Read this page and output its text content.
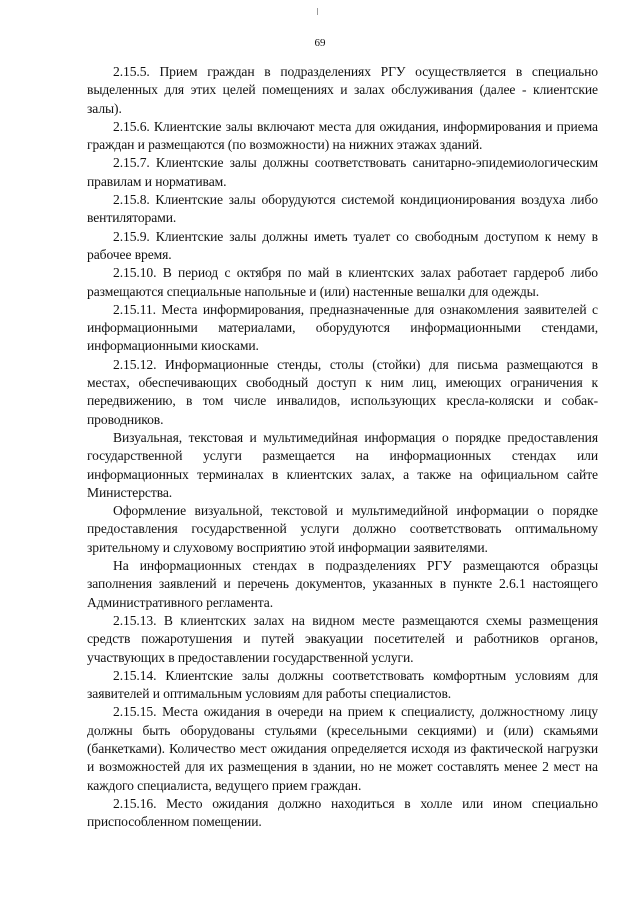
69

2.15.5. Прием граждан в подразделениях РГУ осуществляется в специально выделенных для этих целей помещениях и залах обслуживания (далее - клиентские залы).

2.15.6. Клиентские залы включают места для ожидания, информирования и приема граждан и размещаются (по возможности) на нижних этажах зданий.

2.15.7. Клиентские залы должны соответствовать санитарно-эпидемиологическим правилам и нормативам.

2.15.8. Клиентские залы оборудуются системой кондиционирования воздуха либо вентиляторами.

2.15.9. Клиентские залы должны иметь туалет со свободным доступом к нему в рабочее время.

2.15.10. В период с октября по май в клиентских залах работает гардероб либо размещаются специальные напольные и (или) настенные вешалки для одежды.

2.15.11. Места информирования, предназначенные для ознакомления заявителей с информационными материалами, оборудуются информационными стендами, информационными киосками.

2.15.12. Информационные стенды, столы (стойки) для письма размещаются в местах, обеспечивающих свободный доступ к ним лиц, имеющих ограничения к передвижению, в том числе инвалидов, использующих кресла-коляски и собак-проводников.

Визуальная, текстовая и мультимедийная информация о порядке предоставления государственной услуги размещается на информационных стендах или информационных терминалах в клиентских залах, а также на официальном сайте Министерства.

Оформление визуальной, текстовой и мультимедийной информации о порядке предоставления государственной услуги должно соответствовать оптимальному зрительному и слуховому восприятию этой информации заявителями.

На информационных стендах в подразделениях РГУ размещаются образцы заполнения заявлений и перечень документов, указанных в пункте 2.6.1 настоящего Административного регламента.

2.15.13. В клиентских залах на видном месте размещаются схемы размещения средств пожаротушения и путей эвакуации посетителей и работников органов, участвующих в предоставлении государственной услуги.

2.15.14. Клиентские залы должны соответствовать комфортным условиям для заявителей и оптимальным условиям для работы специалистов.

2.15.15. Места ожидания в очереди на прием к специалисту, должностному лицу должны быть оборудованы стульями (кресельными секциями) и (или) скамьями (банкетками). Количество мест ожидания определяется исходя из фактической нагрузки и возможностей для их размещения в здании, но не может составлять менее 2 мест на каждого специалиста, ведущего прием граждан.

2.15.16. Место ожидания должно находиться в холле или ином специально приспособленном помещении.
